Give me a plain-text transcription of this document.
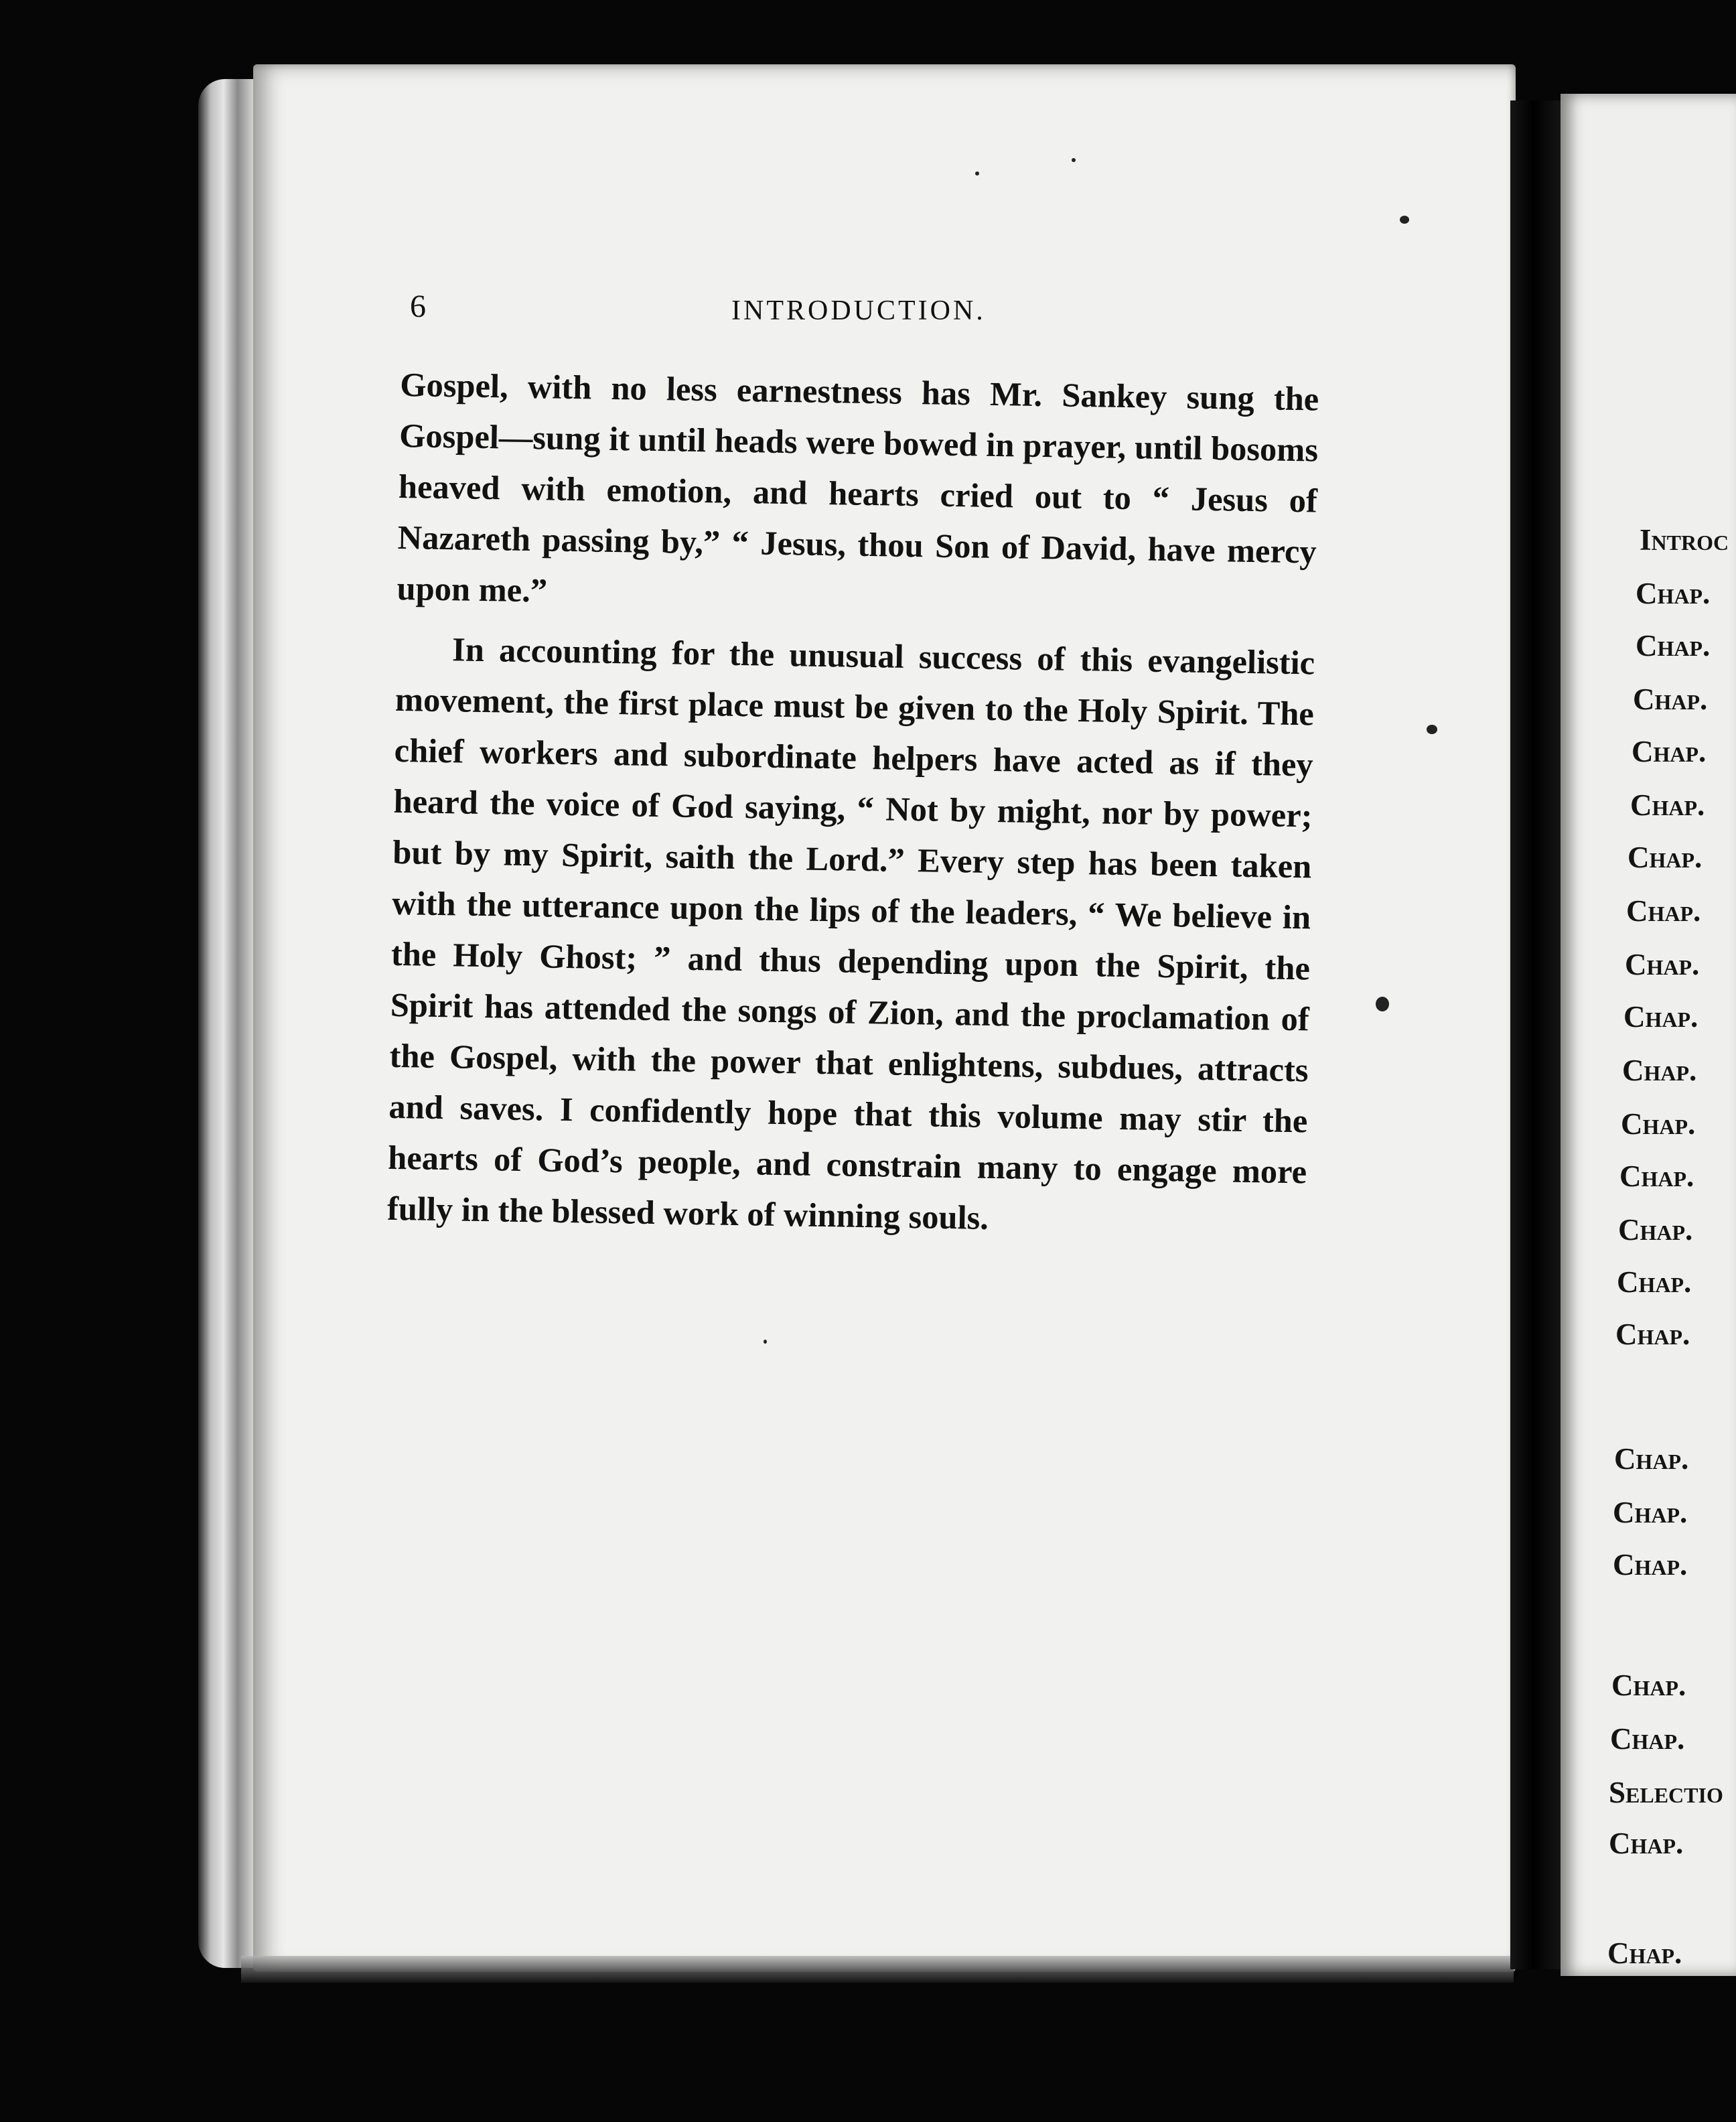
6	INTRODUCTION.

Gospel, with no less earnestness has Mr. Sankey sung the Gospel—sung it until heads were bowed in prayer, until bosoms heaved with emotion, and hearts cried out to “ Jesus of Nazareth passing by,” “ Jesus, thou Son of David, have mercy upon me.”

In accounting for the unusual success of this evangelistic movement, the first place must be given to the Holy Spirit. The chief workers and subordinate helpers have acted as if they heard the voice of God saying, “ Not by might, nor by power; but by my Spirit, saith the Lord.” Every step has been taken with the utterance upon the lips of the leaders, “ We believe in the Holy Ghost; ” and thus depending upon the Spirit, the Spirit has attended the songs of Zion, and the proclamation of the Gospel, with the power that enlightens, subdues, attracts and saves. I confidently hope that this volume may stir the hearts of God’s people, and constrain many to engage more fully in the blessed work of winning souls.

Introc
Chap.
Chap.
Chap.
Chap.
Chap.
Chap.
Chap.
Chap.
Chap.
Chap.
Chap.
Chap.
Chap.
Chap.
Chap.
Chap.
Chap.
Chap.
Chap.
Chap.
Selectio
Chap.
Chap.
